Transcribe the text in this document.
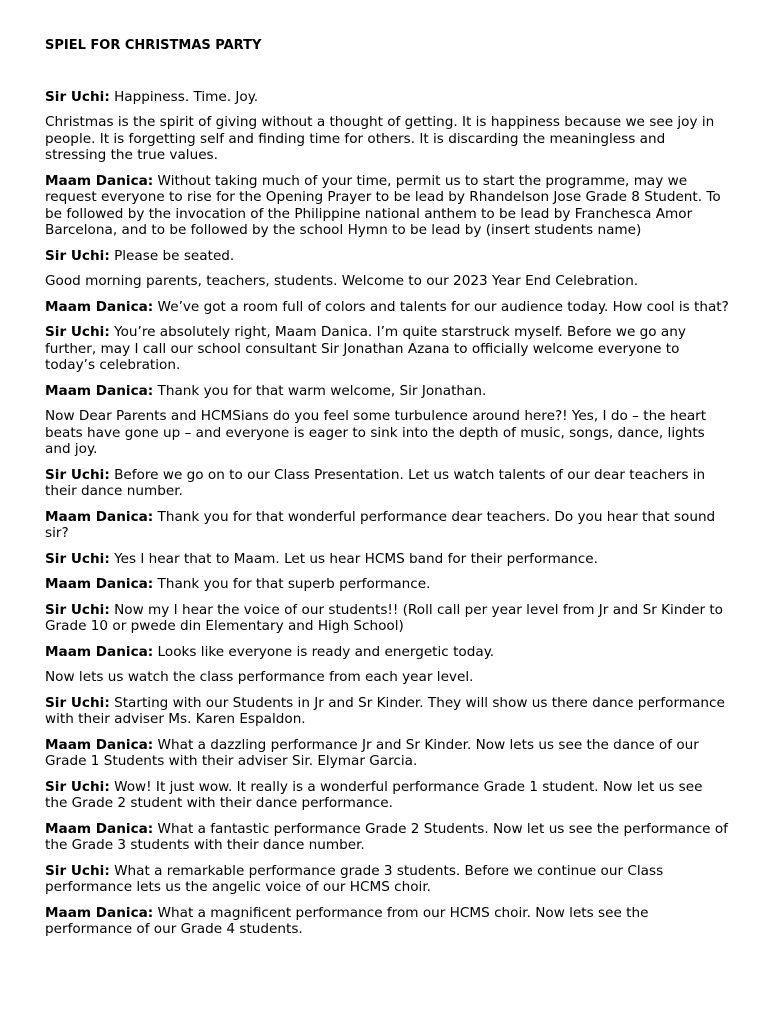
SPIEL FOR CHRISTMAS PARTY

Sir Uchi: Happiness. Time. Joy.

Christmas is the spirit of giving without a thought of getting. It is happiness because we see joy in people. It is forgetting self and finding time for others. It is discarding the meaningless and stressing the true values.

Maam Danica: Without taking much of your time, permit us to start the programme, may we request everyone to rise for the Opening Prayer to be lead by Rhandelson Jose Grade 8 Student. To be followed by the invocation of the Philippine national anthem to be lead by Franchesca Amor Barcelona, and to be followed by the school Hymn to be lead by (insert students name)

Sir Uchi: Please be seated.

Good morning parents, teachers, students. Welcome to our 2023 Year End Celebration.

Maam Danica: We’ve got a room full of colors and talents for our audience today. How cool is that?

Sir Uchi: You’re absolutely right, Maam Danica. I’m quite starstruck myself. Before we go any further, may I call our school consultant Sir Jonathan Azana to officially welcome everyone to today’s celebration.

Maam Danica: Thank you for that warm welcome, Sir Jonathan.

Now Dear Parents and HCMSians do you feel some turbulence around here?! Yes, I do – the heart beats have gone up – and everyone is eager to sink into the depth of music, songs, dance, lights and joy.

Sir Uchi: Before we go on to our Class Presentation. Let us watch talents of our dear teachers in their dance number.

Maam Danica: Thank you for that wonderful performance dear teachers. Do you hear that sound sir?

Sir Uchi: Yes I hear that to Maam. Let us hear HCMS band for their performance.

Maam Danica: Thank you for that superb performance.

Sir Uchi: Now my I hear the voice of our students!! (Roll call per year level from Jr and Sr Kinder to Grade 10 or pwede din Elementary and High School)

Maam Danica: Looks like everyone is ready and energetic today.

Now lets us watch the class performance from each year level.

Sir Uchi: Starting with our Students in Jr and Sr Kinder. They will show us there dance performance with their adviser Ms. Karen Espaldon.

Maam Danica: What a dazzling performance Jr and Sr Kinder. Now lets us see the dance of our Grade 1 Students with their adviser Sir. Elymar Garcia.

Sir Uchi: Wow! It just wow. It really is a wonderful performance Grade 1 student. Now let us see the Grade 2 student with their dance performance.

Maam Danica: What a fantastic performance Grade 2 Students. Now let us see the performance of the Grade 3 students with their dance number.

Sir Uchi: What a remarkable performance grade 3 students. Before we continue our Class performance lets us the angelic voice of our HCMS choir.

Maam Danica: What a magnificent performance from our HCMS choir. Now lets see the performance of our Grade 4 students.
